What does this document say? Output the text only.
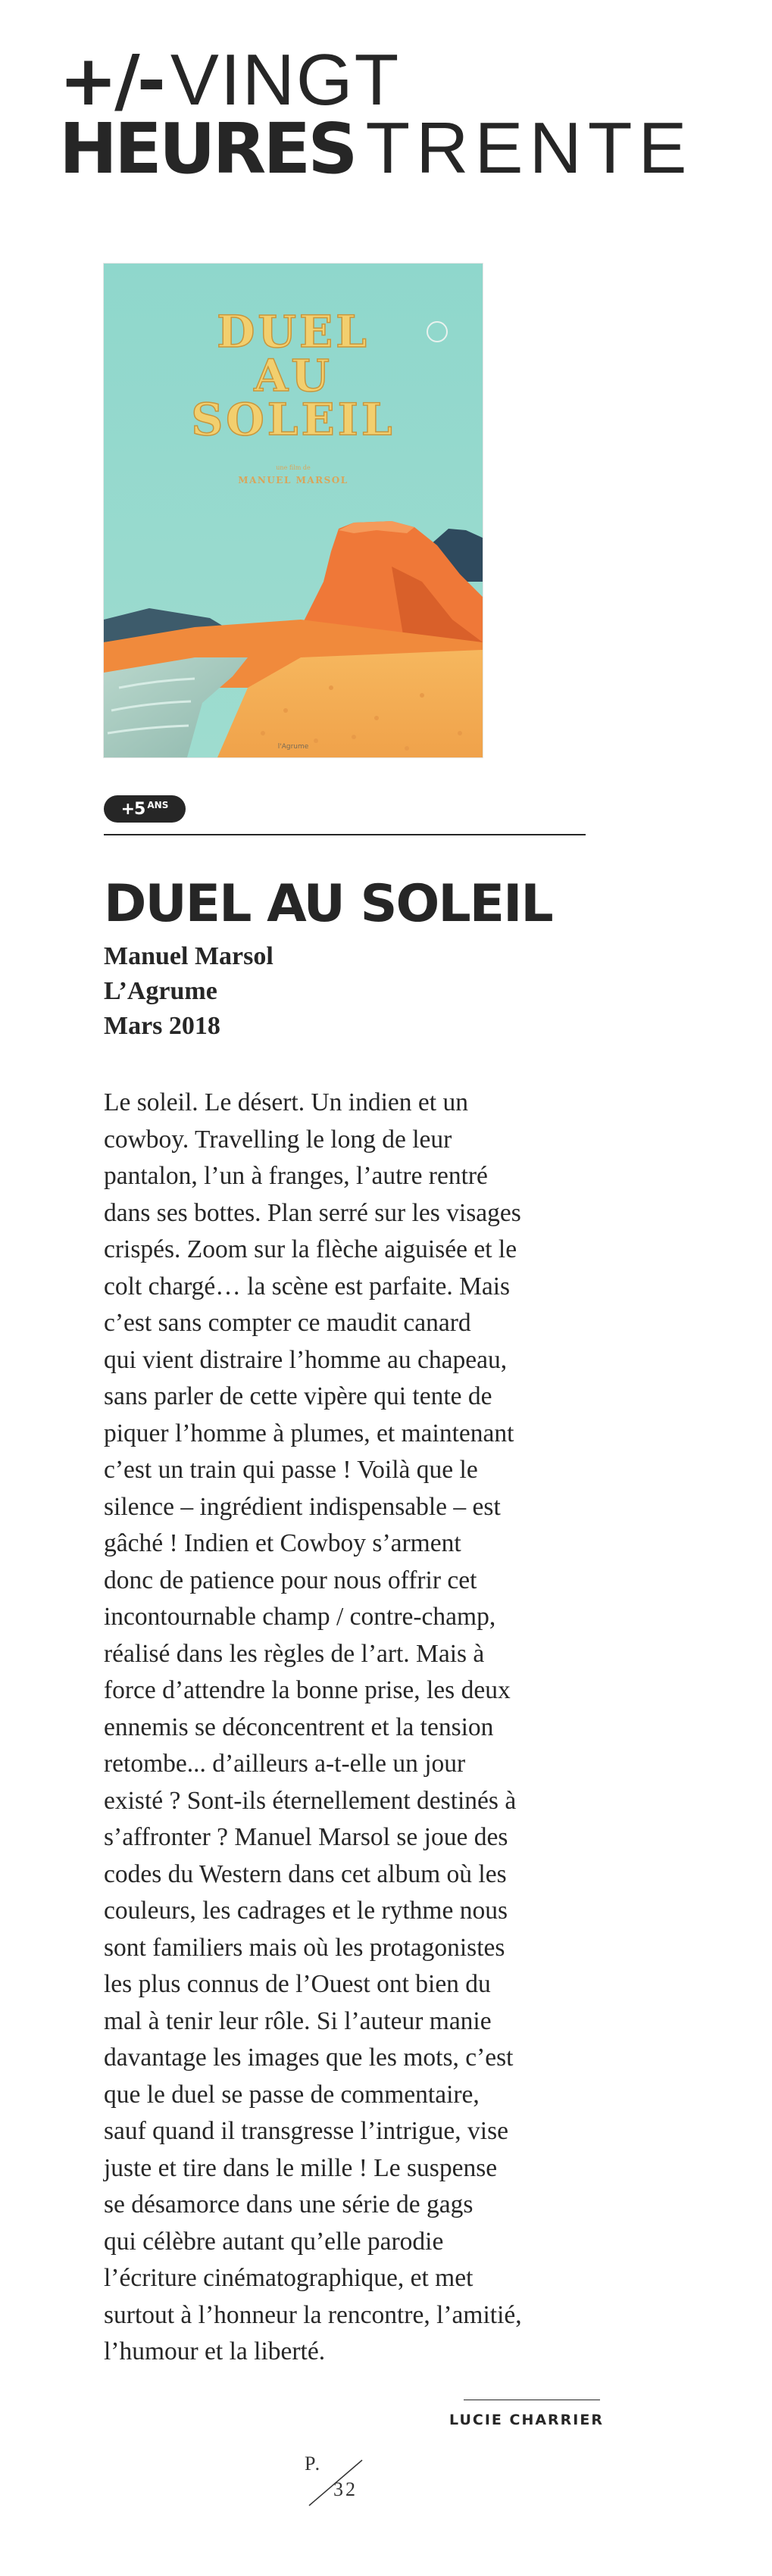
+/- VINGT
HEURES TRENTE
DUEL
AU
SOLEIL
une film de
MANUEL MARSOL
l'Agrume
+5 ANS
DUEL AU SOLEIL
Manuel Marsol
L’Agrume
Mars 2018
Le soleil. Le désert. Un indien et un
cowboy. Travelling le long de leur
pantalon, l’un à franges, l’autre rentré
dans ses bottes. Plan serré sur les visages
crispés. Zoom sur la flèche aiguisée et le
colt chargé… la scène est parfaite. Mais
c’est sans compter ce maudit canard
qui vient distraire l’homme au chapeau,
sans parler de cette vipère qui tente de
piquer l’homme à plumes, et maintenant
c’est un train qui passe ! Voilà que le
silence – ingrédient indispensable – est
gâché ! Indien et Cowboy s’arment
donc de patience pour nous offrir cet
incontournable champ / contre-champ,
réalisé dans les règles de l’art. Mais à
force d’attendre la bonne prise, les deux
ennemis se déconcentrent et la tension
retombe... d’ailleurs a-t-elle un jour
existé ? Sont-ils éternellement destinés à
s’affronter ? Manuel Marsol se joue des
codes du Western dans cet album où les
couleurs, les cadrages et le rythme nous
sont familiers mais où les protagonistes
les plus connus de l’Ouest ont bien du
mal à tenir leur rôle. Si l’auteur manie
davantage les images que les mots, c’est
que le duel se passe de commentaire,
sauf quand il transgresse l’intrigue, vise
juste et tire dans le mille ! Le suspense
se désamorce dans une série de gags
qui célèbre autant qu’elle parodie
l’écriture cinématographique, et met
surtout à l’honneur la rencontre, l’amitié,
l’humour et la liberté.
LUCIE CHARRIER
P.
32
